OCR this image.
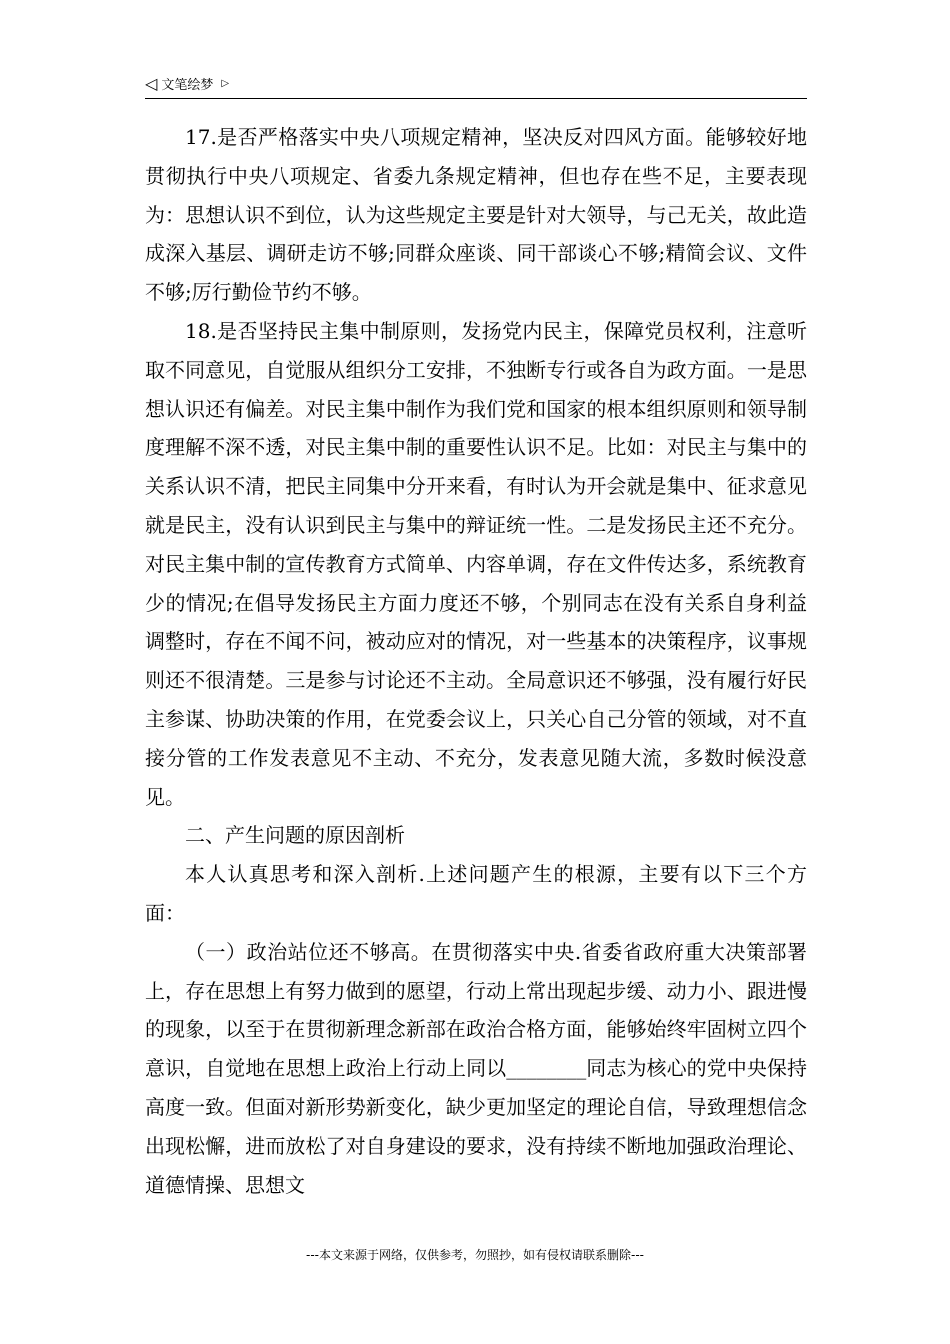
◁ 文笔绘梦 ▷

17.是否严格落实中央八项规定精神，坚决反对四风方面。能够较好地贯彻执行中央八项规定、省委九条规定精神，但也存在些不足，主要表现为：思想认识不到位，认为这些规定主要是针对大领导，与己无关，故此造成深入基层、调研走访不够;同群众座谈、同干部谈心不够;精简会议、文件不够;厉行勤俭节约不够。

18.是否坚持民主集中制原则，发扬党内民主，保障党员权利，注意听取不同意见，自觉服从组织分工安排，不独断专行或各自为政方面。一是思想认识还有偏差。对民主集中制作为我们党和国家的根本组织原则和领导制度理解不深不透，对民主集中制的重要性认识不足。比如：对民主与集中的关系认识不清，把民主同集中分开来看，有时认为开会就是集中、征求意见就是民主，没有认识到民主与集中的辩证统一性。二是发扬民主还不充分。对民主集中制的宣传教育方式简单、内容单调，存在文件传达多，系统教育少的情况;在倡导发扬民主方面力度还不够，个别同志在没有关系自身利益调整时，存在不闻不问，被动应对的情况，对一些基本的决策程序，议事规则还不很清楚。三是参与讨论还不主动。全局意识还不够强，没有履行好民主参谋、协助决策的作用，在党委会议上，只关心自己分管的领域，对不直接分管的工作发表意见不主动、不充分，发表意见随大流，多数时候没意见。

二、产生问题的原因剖析

本人认真思考和深入剖析.上述问题产生的根源，主要有以下三个方面：

（一）政治站位还不够高。在贯彻落实中央.省委省政府重大决策部署上，存在思想上有努力做到的愿望，行动上常出现起步缓、动力小、跟进慢的现象，以至于在贯彻新理念新部在政治合格方面，能够始终牢固树立四个意识，自觉地在思想上政治上行动上同以________同志为核心的党中央保持高度一致。但面对新形势新变化，缺少更加坚定的理论自信，导致理想信念出现松懈，进而放松了对自身建设的要求，没有持续不断地加强政治理论、道德情操、思想文

---本文来源于网络，仅供参考，勿照抄，如有侵权请联系删除---
